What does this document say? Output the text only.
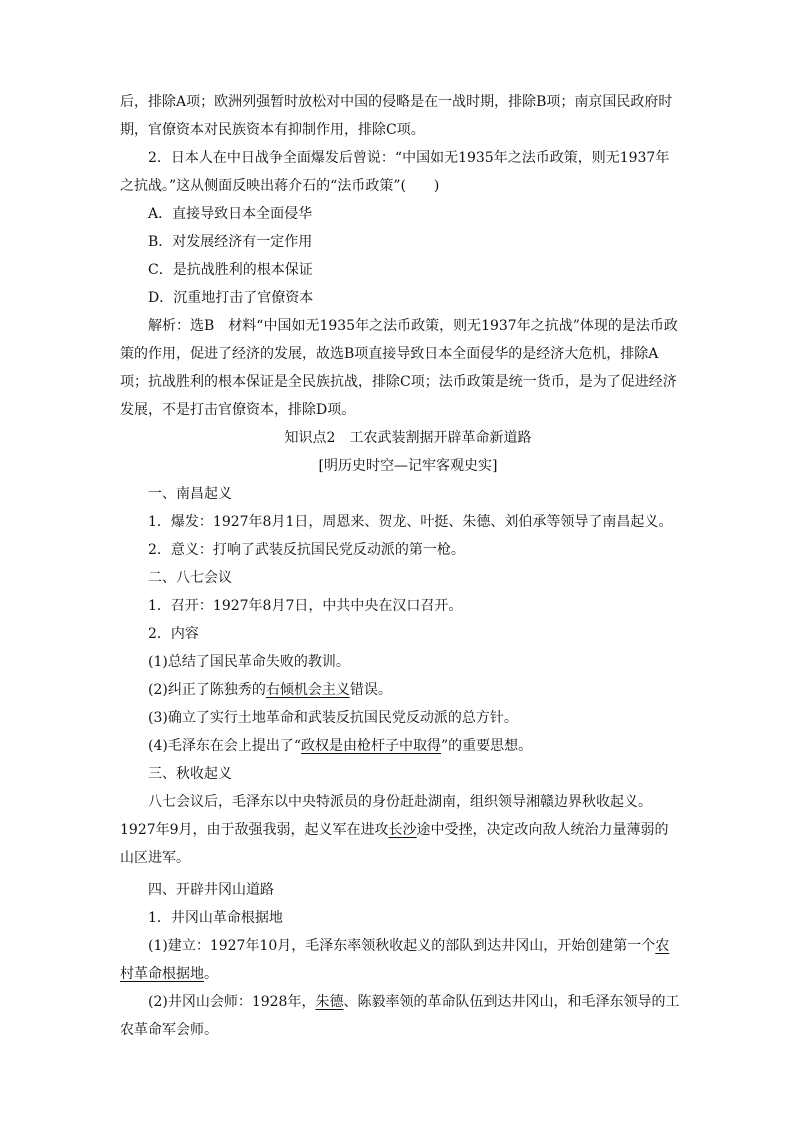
后，排除A项；欧洲列强暂时放松对中国的侵略是在一战时期，排除B项；南京国民政府时期，官僚资本对民族资本有抑制作用，排除C项。

2．日本人在中日战争全面爆发后曾说：“中国如无1935年之法币政策，则无1937年之抗战。”这从侧面反映出蒋介石的“法币政策”(　　)

A．直接导致日本全面侵华

B．对发展经济有一定作用

C．是抗战胜利的根本保证

D．沉重地打击了官僚资本

解析：选B　材料“中国如无1935年之法币政策，则无1937年之抗战”体现的是法币政策的作用，促进了经济的发展，故选B项直接导致日本全面侵华的是经济大危机，排除A项；抗战胜利的根本保证是全民族抗战，排除C项；法币政策是统一货币，是为了促进经济发展，不是打击官僚资本，排除D项。

知识点2　工农武装割据开辟革命新道路

[明历史时空—记牢客观史实]

一、南昌起义

1．爆发：1927年8月1日，周恩来、贺龙、叶挺、朱德、刘伯承等领导了南昌起义。

2．意义：打响了武装反抗国民党反动派的第一枪。

二、八七会议

1．召开：1927年8月7日，中共中央在汉口召开。

2．内容

(1)总结了国民革命失败的教训。

(2)纠正了陈独秀的右倾机会主义错误。

(3)确立了实行土地革命和武装反抗国民党反动派的总方针。

(4)毛泽东在会上提出了“政权是由枪杆子中取得”的重要思想。

三、秋收起义

八七会议后，毛泽东以中央特派员的身份赶赴湖南，组织领导湘赣边界秋收起义。1927年9月，由于敌强我弱，起义军在进攻长沙途中受挫，决定改向敌人统治力量薄弱的山区进军。

四、开辟井冈山道路

1．井冈山革命根据地

(1)建立：1927年10月，毛泽东率领秋收起义的部队到达井冈山，开始创建第一个农村革命根据地。

(2)井冈山会师：1928年，朱德、陈毅率领的革命队伍到达井冈山，和毛泽东领导的工农革命军会师。
